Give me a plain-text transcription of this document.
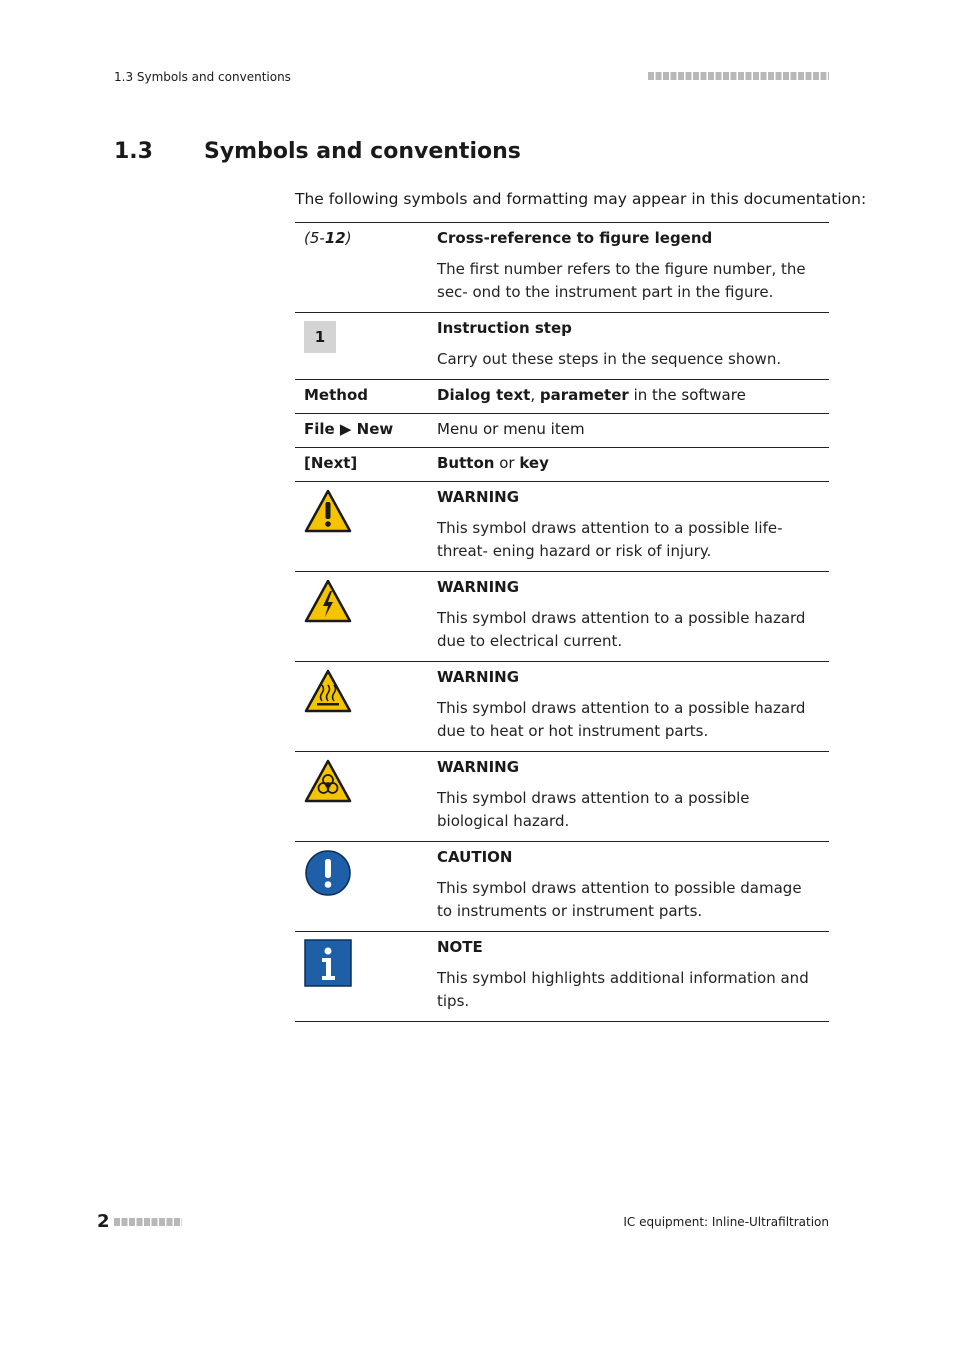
1.3 Symbols and conventions
1.3 Symbols and conventions
The following symbols and formatting may appear in this documentation:
(5-12)	Cross-reference to figure legend
The first number refers to the figure number, the sec- ond to the instrument part in the figure.

1	Instruction step
Carry out these steps in the sequence shown.

Method	Dialog text, parameter in the software
File ▶ New	Menu or menu item
[Next]	Button or key

WARNING
This symbol draws attention to a possible life-threat- ening hazard or risk of injury.

WARNING
This symbol draws attention to a possible hazard due to electrical current.

WARNING
This symbol draws attention to a possible hazard due to heat or hot instrument parts.

WARNING
This symbol draws attention to a possible biological hazard.

CAUTION
This symbol draws attention to possible damage to instruments or instrument parts.

NOTE
This symbol highlights additional information and tips.
2	IC equipment: Inline-Ultrafiltration
